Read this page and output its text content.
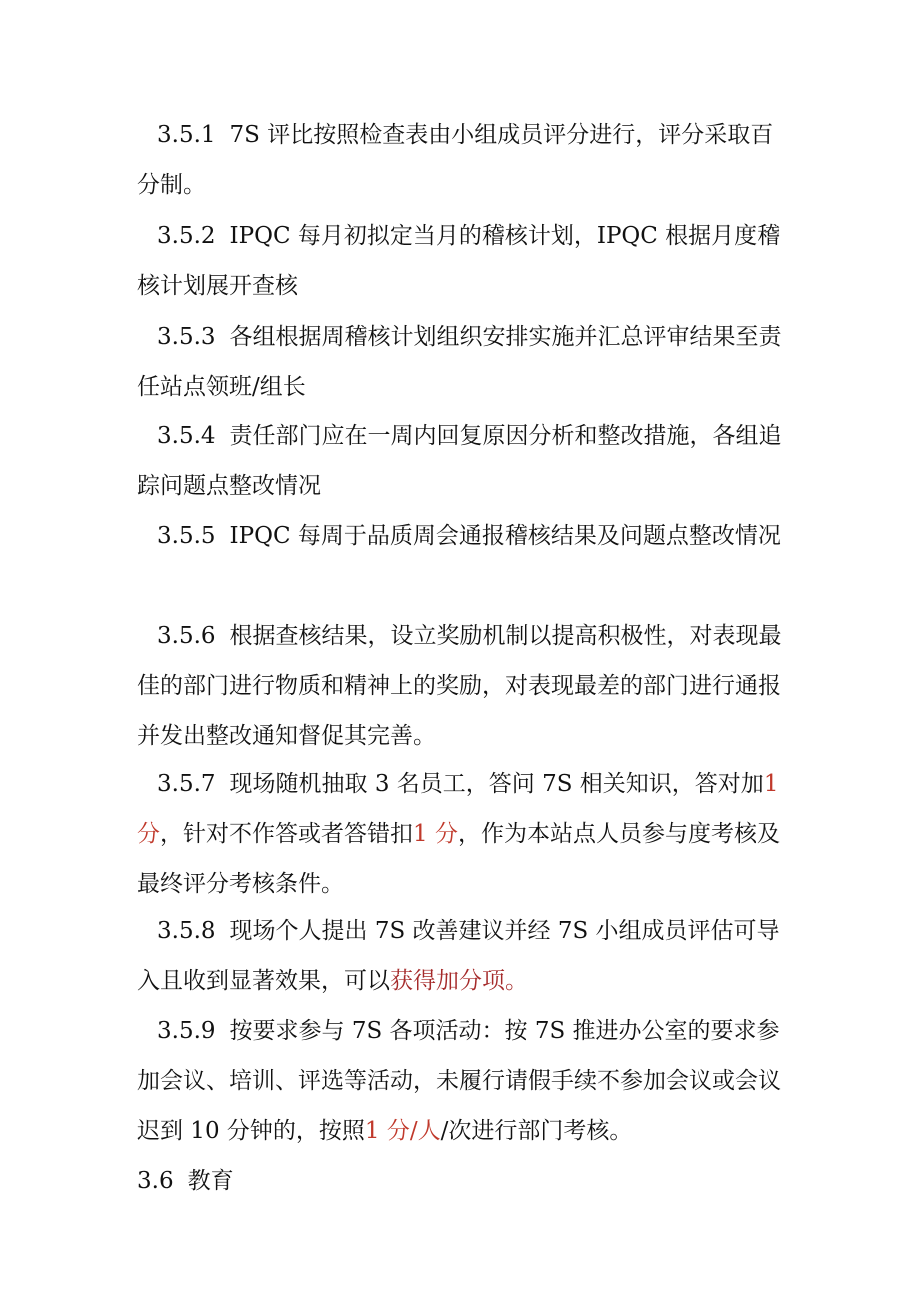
3.5.1 7S 评比按照检查表由小组成员评分进行，评分采取百分制。

3.5.2 IPQC 每月初拟定当月的稽核计划，IPQC 根据月度稽核计划展开查核

3.5.3 各组根据周稽核计划组织安排实施并汇总评审结果至责任站点领班/组长

3.5.4 责任部门应在一周内回复原因分析和整改措施，各组追踪问题点整改情况

3.5.5 IPQC 每周于品质周会通报稽核结果及问题点整改情况

3.5.6 根据查核结果，设立奖励机制以提高积极性，对表现最佳的部门进行物质和精神上的奖励，对表现最差的部门进行通报并发出整改通知督促其完善。

3.5.7 现场随机抽取 3 名员工，答问 7S 相关知识，答对加1 分，针对不作答或者答错扣1 分，作为本站点人员参与度考核及最终评分考核条件。

3.5.8 现场个人提出 7S 改善建议并经 7S 小组成员评估可导入且收到显著效果，可以获得加分项。

3.5.9 按要求参与 7S 各项活动：按 7S 推进办公室的要求参加会议、培训、评选等活动，未履行请假手续不参加会议或会议迟到 10 分钟的，按照1 分/人/次进行部门考核。

3.6 教育
